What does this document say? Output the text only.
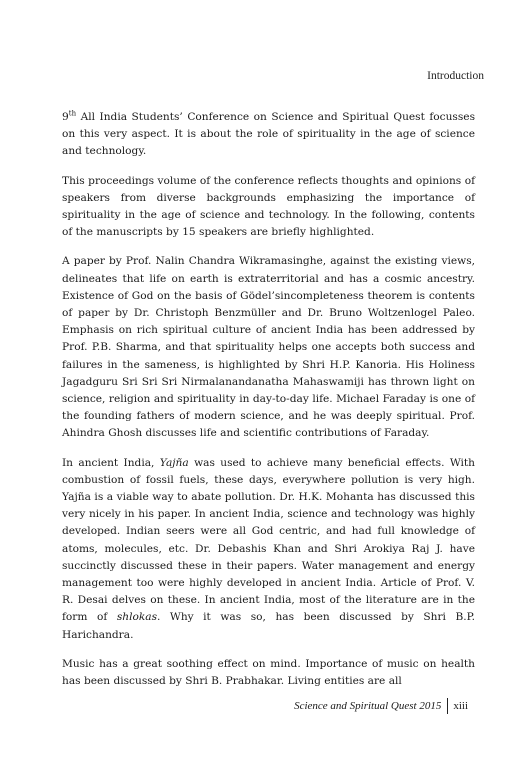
Introduction

9th All India Students’ Conference on Science and Spiritual Quest focusses on this very aspect. It is about the role of spirituality in the age of science and technology.

This proceedings volume of the conference reflects thoughts and opinions of speakers from diverse backgrounds emphasizing the importance of spirituality in the age of science and technology. In the following, contents of the manuscripts by 15 speakers are briefly highlighted.

A paper by Prof. Nalin Chandra Wikramasinghe, against the existing views, delineates that life on earth is extraterritorial and has a cosmic ancestry. Existence of God on the basis of Gödel’sincompleteness theorem is contents of paper by Dr. Christoph Benzmüller and Dr. Bruno Woltzenlogel Paleo. Emphasis on rich spiritual culture of ancient India has been addressed by Prof. P.B. Sharma, and that spirituality helps one accepts both success and failures in the sameness, is highlighted by Shri H.P. Kanoria. His Holiness Jagadguru Sri Sri Sri Nirmalanandanatha Mahaswamiji has thrown light on science, religion and spirituality in day-to-day life. Michael Faraday is one of the founding fathers of modern science, and he was deeply spiritual. Prof. Ahindra Ghosh discusses life and scientific contributions of Faraday.

In ancient India, Yajña was used to achieve many beneficial effects. With combustion of fossil fuels, these days, everywhere pollution is very high. Yajña is a viable way to abate pollution. Dr. H.K. Mohanta has discussed this very nicely in his paper. In ancient India, science and technology was highly developed. Indian seers were all God centric, and had full knowledge of atoms, molecules, etc. Dr. Debashis Khan and Shri Arokiya Raj J. have succinctly discussed these in their papers. Water management and energy management too were highly developed in ancient India. Article of Prof. V. R. Desai delves on these. In ancient India, most of the literature are in the form of shlokas. Why it was so, has been discussed by Shri B.P. Harichandra.

Music has a great soothing effect on mind. Importance of music on health has been discussed by Shri B. Prabhakar. Living entities are all

Science and Spiritual Quest 2015	xiii
